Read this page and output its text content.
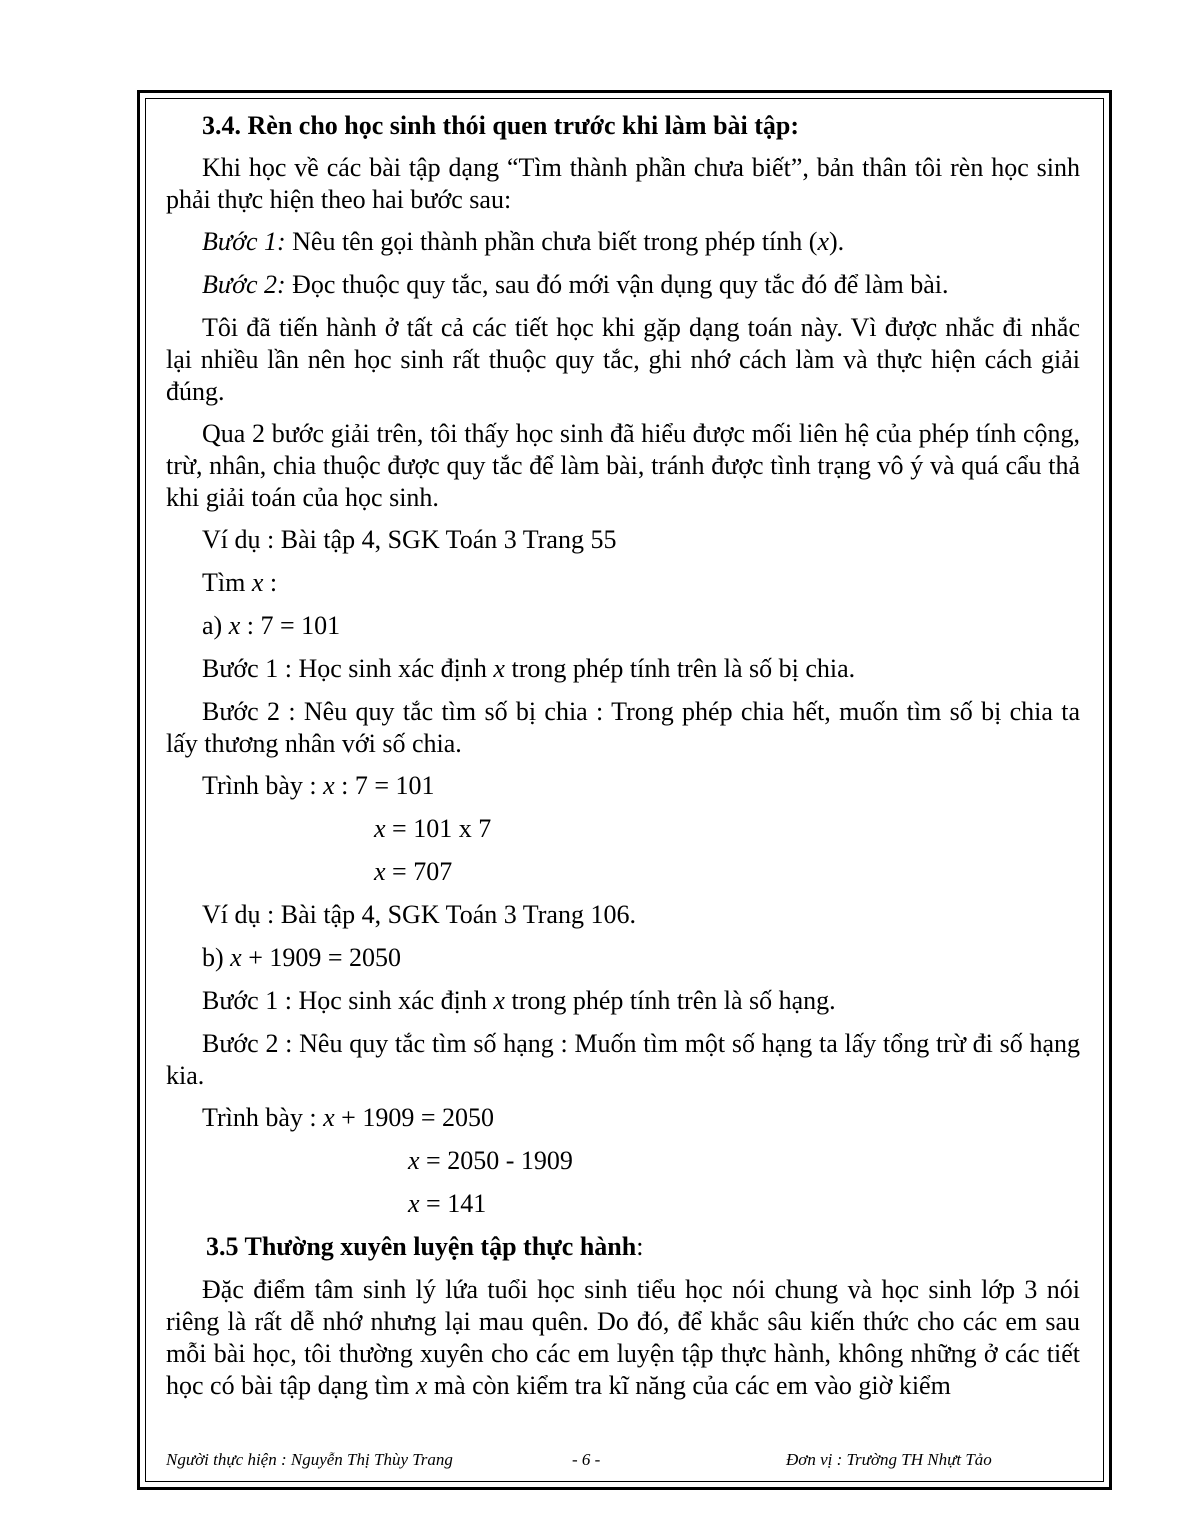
3.4. Rèn cho học sinh thói quen trước khi làm bài tập:

Khi học về các bài tập dạng “Tìm thành phần chưa biết”, bản thân tôi rèn học sinh phải thực hiện theo hai bước sau:

Bước 1: Nêu tên gọi thành phần chưa biết trong phép tính (x).

Bước 2: Đọc thuộc quy tắc, sau đó mới vận dụng quy tắc đó để làm bài.

Tôi đã tiến hành ở tất cả các tiết học khi gặp dạng toán này. Vì được nhắc đi nhắc lại nhiều lần nên học sinh rất thuộc quy tắc, ghi nhớ cách làm và thực hiện cách giải đúng.

Qua 2 bước giải trên, tôi thấy học sinh đã hiểu được mối liên hệ của phép tính cộng, trừ, nhân, chia thuộc được quy tắc để làm bài, tránh được tình trạng vô ý và quá cẩu thả khi giải toán của học sinh.

Ví dụ : Bài tập 4, SGK Toán 3 Trang 55

Tìm x :

a) x : 7 = 101

Bước 1 : Học sinh xác định x trong phép tính trên là số bị chia.

Bước 2 : Nêu quy tắc tìm số bị chia : Trong phép chia hết, muốn tìm số bị chia ta lấy thương nhân với số chia.

Trình bày : x : 7 = 101

x = 101 x 7

x = 707

Ví dụ : Bài tập 4, SGK Toán 3 Trang 106.

b) x + 1909 = 2050

Bước 1 : Học sinh xác định x trong phép tính trên là số hạng.

Bước 2 : Nêu quy tắc tìm số hạng : Muốn tìm một số hạng ta lấy tổng trừ đi số hạng kia.

Trình bày : x + 1909 = 2050

x = 2050 - 1909

x = 141

3.5 Thường xuyên luyện tập thực hành:

Đặc điểm tâm sinh lý lứa tuổi học sinh tiểu học nói chung và học sinh lớp 3 nói riêng là rất dễ nhớ nhưng lại mau quên. Do đó, để khắc sâu kiến thức cho các em sau mỗi bài học, tôi thường xuyên cho các em luyện tập thực hành, không những ở các tiết học có bài tập dạng tìm x mà còn kiểm tra kĩ năng của các em vào giờ kiểm

Người thực hiện : Nguyễn Thị Thùy Trang	- 6 -	Đơn vị : Trường TH Nhựt Tảo
